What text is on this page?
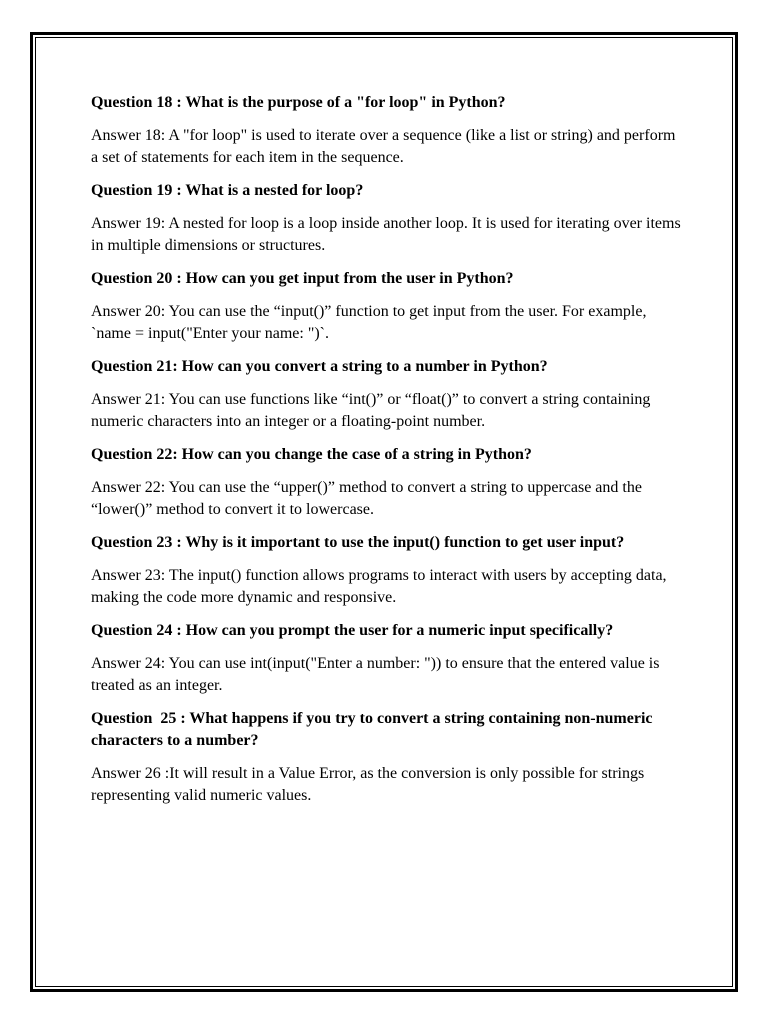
Question 18 : What is the purpose of a "for loop" in Python?

Answer 18: A "for loop" is used to iterate over a sequence (like a list or string) and perform a set of statements for each item in the sequence.

Question 19 : What is a nested for loop?

Answer 19: A nested for loop is a loop inside another loop. It is used for iterating over items in multiple dimensions or structures.

Question 20 : How can you get input from the user in Python?

Answer 20: You can use the “input()” function to get input from the user. For example, `name = input("Enter your name: ")`.

Question 21: How can you convert a string to a number in Python?

Answer 21: You can use functions like “int()” or “float()” to convert a string containing numeric characters into an integer or a floating-point number.

Question 22: How can you change the case of a string in Python?

Answer 22: You can use the “upper()” method to convert a string to uppercase and the “lower()” method to convert it to lowercase.

Question 23 : Why is it important to use the input() function to get user input?

Answer 23: The input() function allows programs to interact with users by accepting data, making the code more dynamic and responsive.

Question 24 : How can you prompt the user for a numeric input specifically?

Answer 24: You can use int(input("Enter a number: ")) to ensure that the entered value is treated as an integer.

Question  25 : What happens if you try to convert a string containing non-numeric characters to a number?

Answer 26 :It will result in a Value Error, as the conversion is only possible for strings representing valid numeric values.
